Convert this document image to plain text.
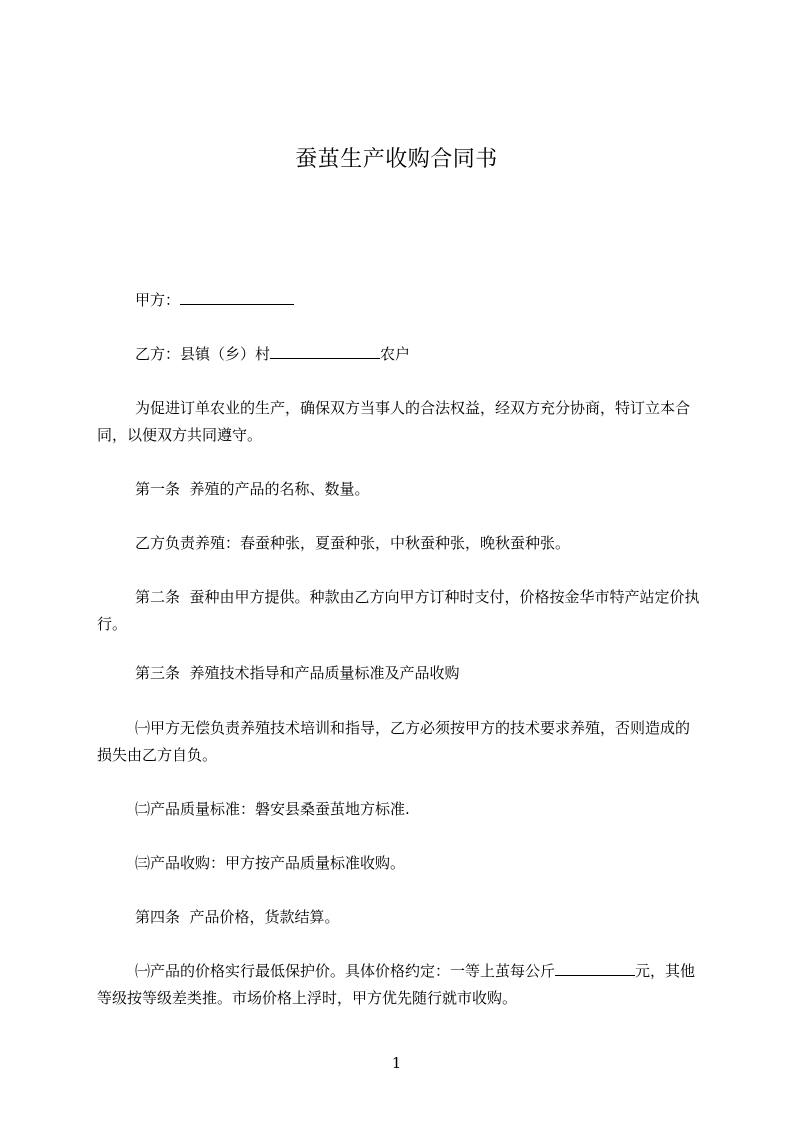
蚕茧生产收购合同书
甲方：
乙方：县镇（乡）村	农户
为促进订单农业的生产，确保双方当事人的合法权益，经双方充分协商，特订立本合同，以便双方共同遵守。
第一条  养殖的产品的名称、数量。
乙方负责养殖：春蚕种张，夏蚕种张，中秋蚕种张，晚秋蚕种张。
第二条  蚕种由甲方提供。种款由乙方向甲方订种时支付，价格按金华市特产站定价执行。
第三条  养殖技术指导和产品质量标准及产品收购
㈠甲方无偿负责养殖技术培训和指导，乙方必须按甲方的技术要求养殖，否则造成的损失由乙方自负。
㈡产品质量标准：磐安县桑蚕茧地方标准.
㈢产品收购：甲方按产品质量标准收购。
第四条  产品价格，货款结算。
㈠产品的价格实行最低保护价。具体价格约定：一等上茧每公斤	元，其他等级按等级差类推。市场价格上浮时，甲方优先随行就市收购。
1
